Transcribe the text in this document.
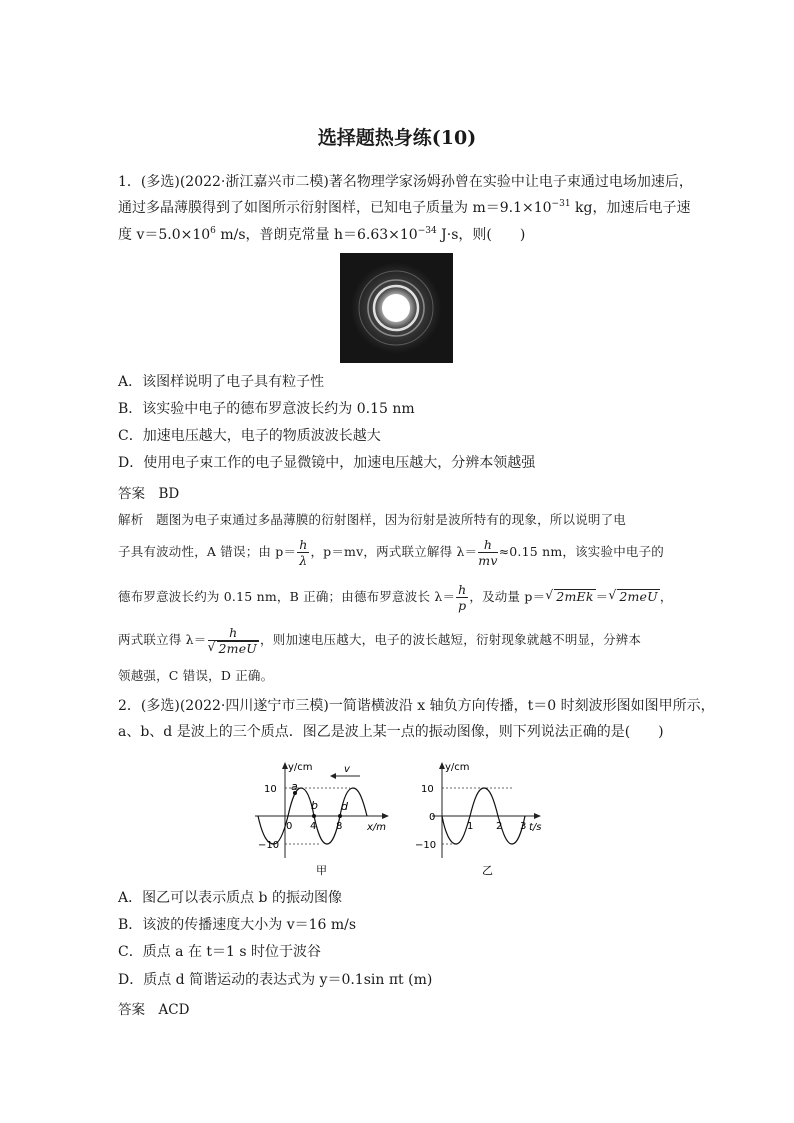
选择题热身练(10)
1．(多选)(2022·浙江嘉兴市二模)著名物理学家汤姆孙曾在实验中让电子束通过电场加速后，
通过多晶薄膜得到了如图所示衍射图样，已知电子质量为 $m=9.1\times 10^{-31}$ kg，加速后电子速
度 $v=5.0\times 10^6$ m/s，普朗克常量 $h=6.63\times 10^{-34}$ J·s，则(　　)
A．该图样说明了电子具有粒子性
B．该实验中电子的德布罗意波长约为 0.15 nm
C．加速电压越大，电子的物质波波长越大
D．使用电子束工作的电子显微镜中，加速电压越大，分辨本领越强
答案　BD
解析　题图为电子束通过多晶薄膜的衍射图样，因为衍射是波所特有的现象，所以说明了电
子具有波动性，A 错误；由 $p= \frac{h}{\lambda}$ ，p＝mv，两式联立解得 $\lambda= \frac{h}{mv} \approx 0.15$ nm，该实验中电子的
德布罗意波长约为 0.15 nm，B 正确；由德布罗意波长 $\lambda= \frac{h}{p}$ ，及动量 p＝ √ 2mEk ＝ √ 2meU ，
两式联立得 λ＝ h
√ 2meU ，则加速电压越大，电子的波长越短，衍射现象就越不明显，分辨本
领越强，C 错误，D 正确。
2．(多选)(2022·四川遂宁市三模)一简谐横波沿 x 轴负方向传播，t＝0 时刻波形图如图甲所示，
a、b、d 是波上的三个质点．图乙是波上某一点的振动图像，则下列说法正确的是(　　)
a
b d
v
y/cm
x/m
10
−10
0 4 8
甲
y/cm
t/s
10
0
−10
1 2 3
乙
A．图乙可以表示质点 b 的振动图像
B．该波的传播速度大小为 v＝16 m/s
C．质点 a 在 t＝1 s 时位于波谷
D．质点 d 简谐运动的表达式为 y＝0.1sin πt (m)
答案　ACD
